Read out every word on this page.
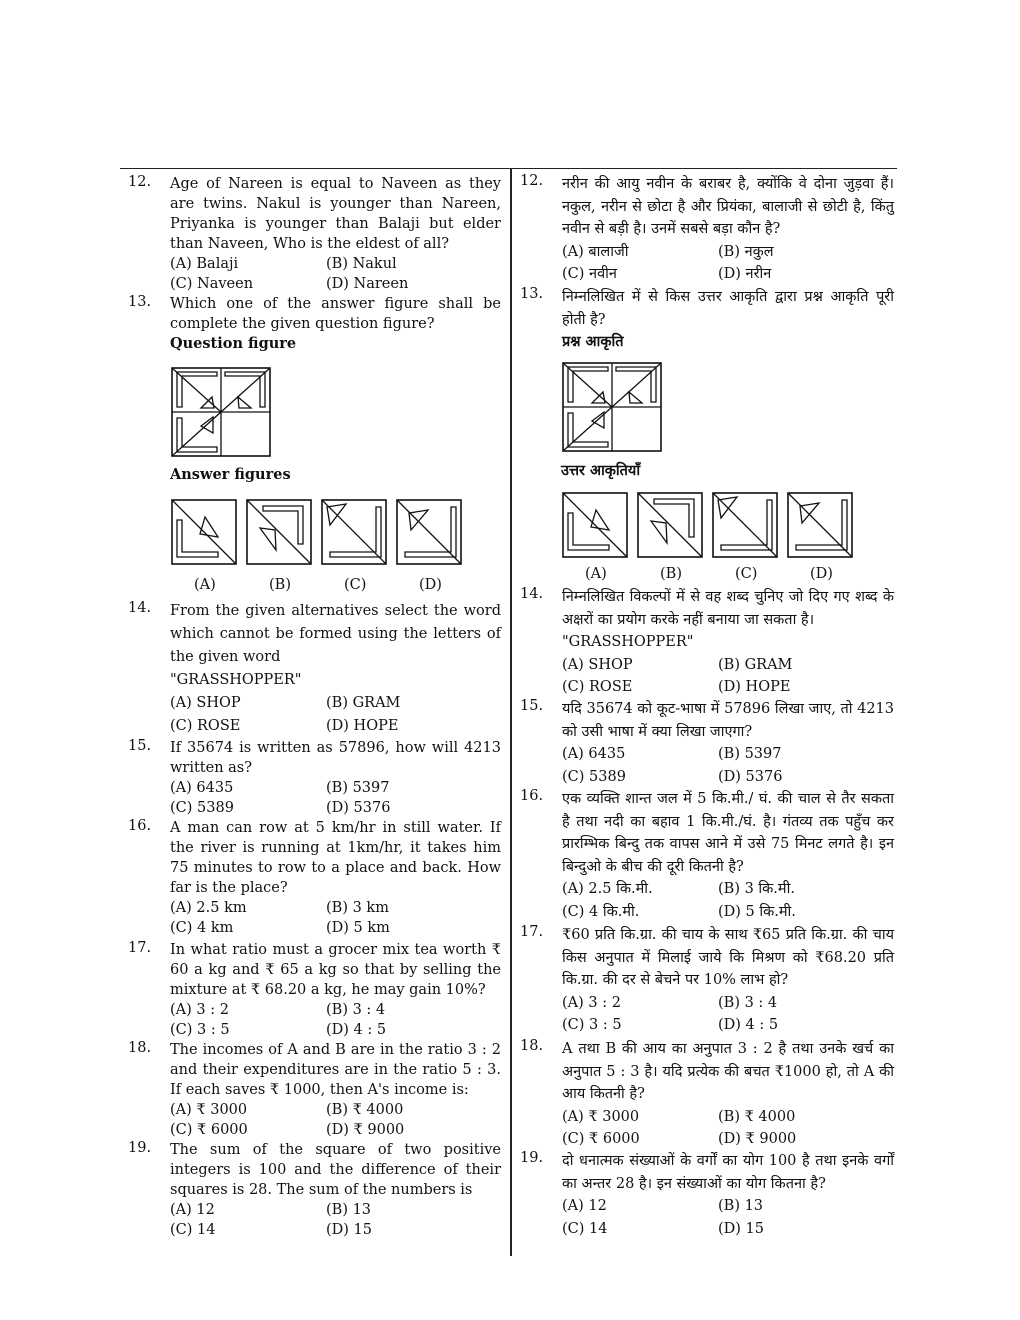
12. Age of Nareen is equal to Naveen as they are twins. Nakul is younger than Nareen, Priyanka is younger than Balaji but elder than Naveen, Who is the eldest of all?
(A) Balaji	(B) Nakul
(C) Naveen	(D) Nareen
13. Which one of the answer figure shall be complete the given question figure?
Question figure
14. From the given alternatives select the word which cannot be formed using the letters of the given word
"GRASSHOPPER"
(A) SHOP	(B) GRAM
(C) ROSE	(D) HOPE
15. If 35674 is written as 57896, how will 4213 written as?
(A) 6435	(B) 5397
(C) 5389	(D) 5376
16. A man can row at 5 km/hr in still water. If the river is running at 1km/hr, it takes him 75 minutes to row to a place and back. How far is the place?
(A) 2.5 km	(B) 3 km
(C) 4 km	(D) 5 km
17. In what ratio must a grocer mix tea worth ₹ 60 a kg and ₹ 65 a kg so that by selling the mixture at ₹ 68.20 a kg, he may gain 10%?
(A) 3 : 2	(B) 3 : 4
(C) 3 : 5	(D) 4 : 5
18. The incomes of A and B are in the ratio 3 : 2 and their expenditures are in the ratio 5 : 3. If each saves ₹ 1000, then A's income is:
(A) ₹ 3000	(B) ₹ 4000
(C) ₹ 6000	(D) ₹ 9000
19. The sum of the square of two positive integers is 100 and the difference of their squares is 28. The sum of the numbers is
(A) 12	(B) 13
(C) 14	(D) 15
Answer figures
(A)	(B)	(C)	(D)
12. नरीन की आयु नवीन के बराबर है, क्योंकि वे दोना जुड़वा हैं। नकुल, नरीन से छोटा है और प्रियंका, बालाजी से छोटी है, किंतु नवीन से बड़ी है। उनमें सबसे बड़ा कौन है?
(A) बालाजी	(B) नकुल
(C) नवीन	(D) नरीन
13. निम्नलिखित में से किस उत्तर आकृति द्वारा प्रश्न आकृति पूरी होती है?
प्रश्न आकृति
14. निम्नलिखित विकल्पों में से वह शब्द चुनिए जो दिए गए शब्द के अक्षरों का प्रयोग करके नहीं बनाया जा सकता है।
"GRASSHOPPER"
(A) SHOP	(B) GRAM
(C) ROSE	(D) HOPE
15. यदि 35674 को कूट-भाषा में 57896 लिखा जाए, तो 4213 को उसी भाषा में क्या लिखा जाएगा?
(A) 6435	(B) 5397
(C) 5389	(D) 5376
16. एक व्यक्ति शान्त जल में 5 कि.मी./ घं. की चाल से तैर सकता है तथा नदी का बहाव 1 कि.मी./घं. है। गंतव्य तक पहुँच कर प्रारम्भिक बिन्दु तक वापस आने में उसे 75 मिनट लगते है। इन बिन्दुओ के बीच की दूरी कितनी है?
(A) 2.5 कि.मी.	(B) 3 कि.मी.
(C) 4 कि.मी.	(D) 5 कि.मी.
17. ₹60 प्रति कि.ग्रा. की चाय के साथ ₹65 प्रति कि.ग्रा. की चाय किस अनुपात में मिलाई जाये कि मिश्रण को ₹68.20 प्रति कि.ग्रा. की दर से बेचने पर 10% लाभ हो?
(A) 3 : 2	(B) 3 : 4
(C) 3 : 5	(D) 4 : 5
18. A तथा B की आय का अनुपात 3 : 2 है तथा उनके खर्च का अनुपात 5 : 3 है। यदि प्रत्येक की बचत ₹1000 हो, तो A की आय कितनी है?
(A) ₹ 3000	(B) ₹ 4000
(C) ₹ 6000	(D) ₹ 9000
19. दो धनात्मक संख्याओं के वर्गों का योग 100 है तथा इनके वर्गों का अन्तर 28 है। इन संख्याओं का योग कितना है?
(A) 12	(B) 13
(C) 14	(D) 15
उत्तर आकृतियाँ
(A)	(B)	(C)	(D)
